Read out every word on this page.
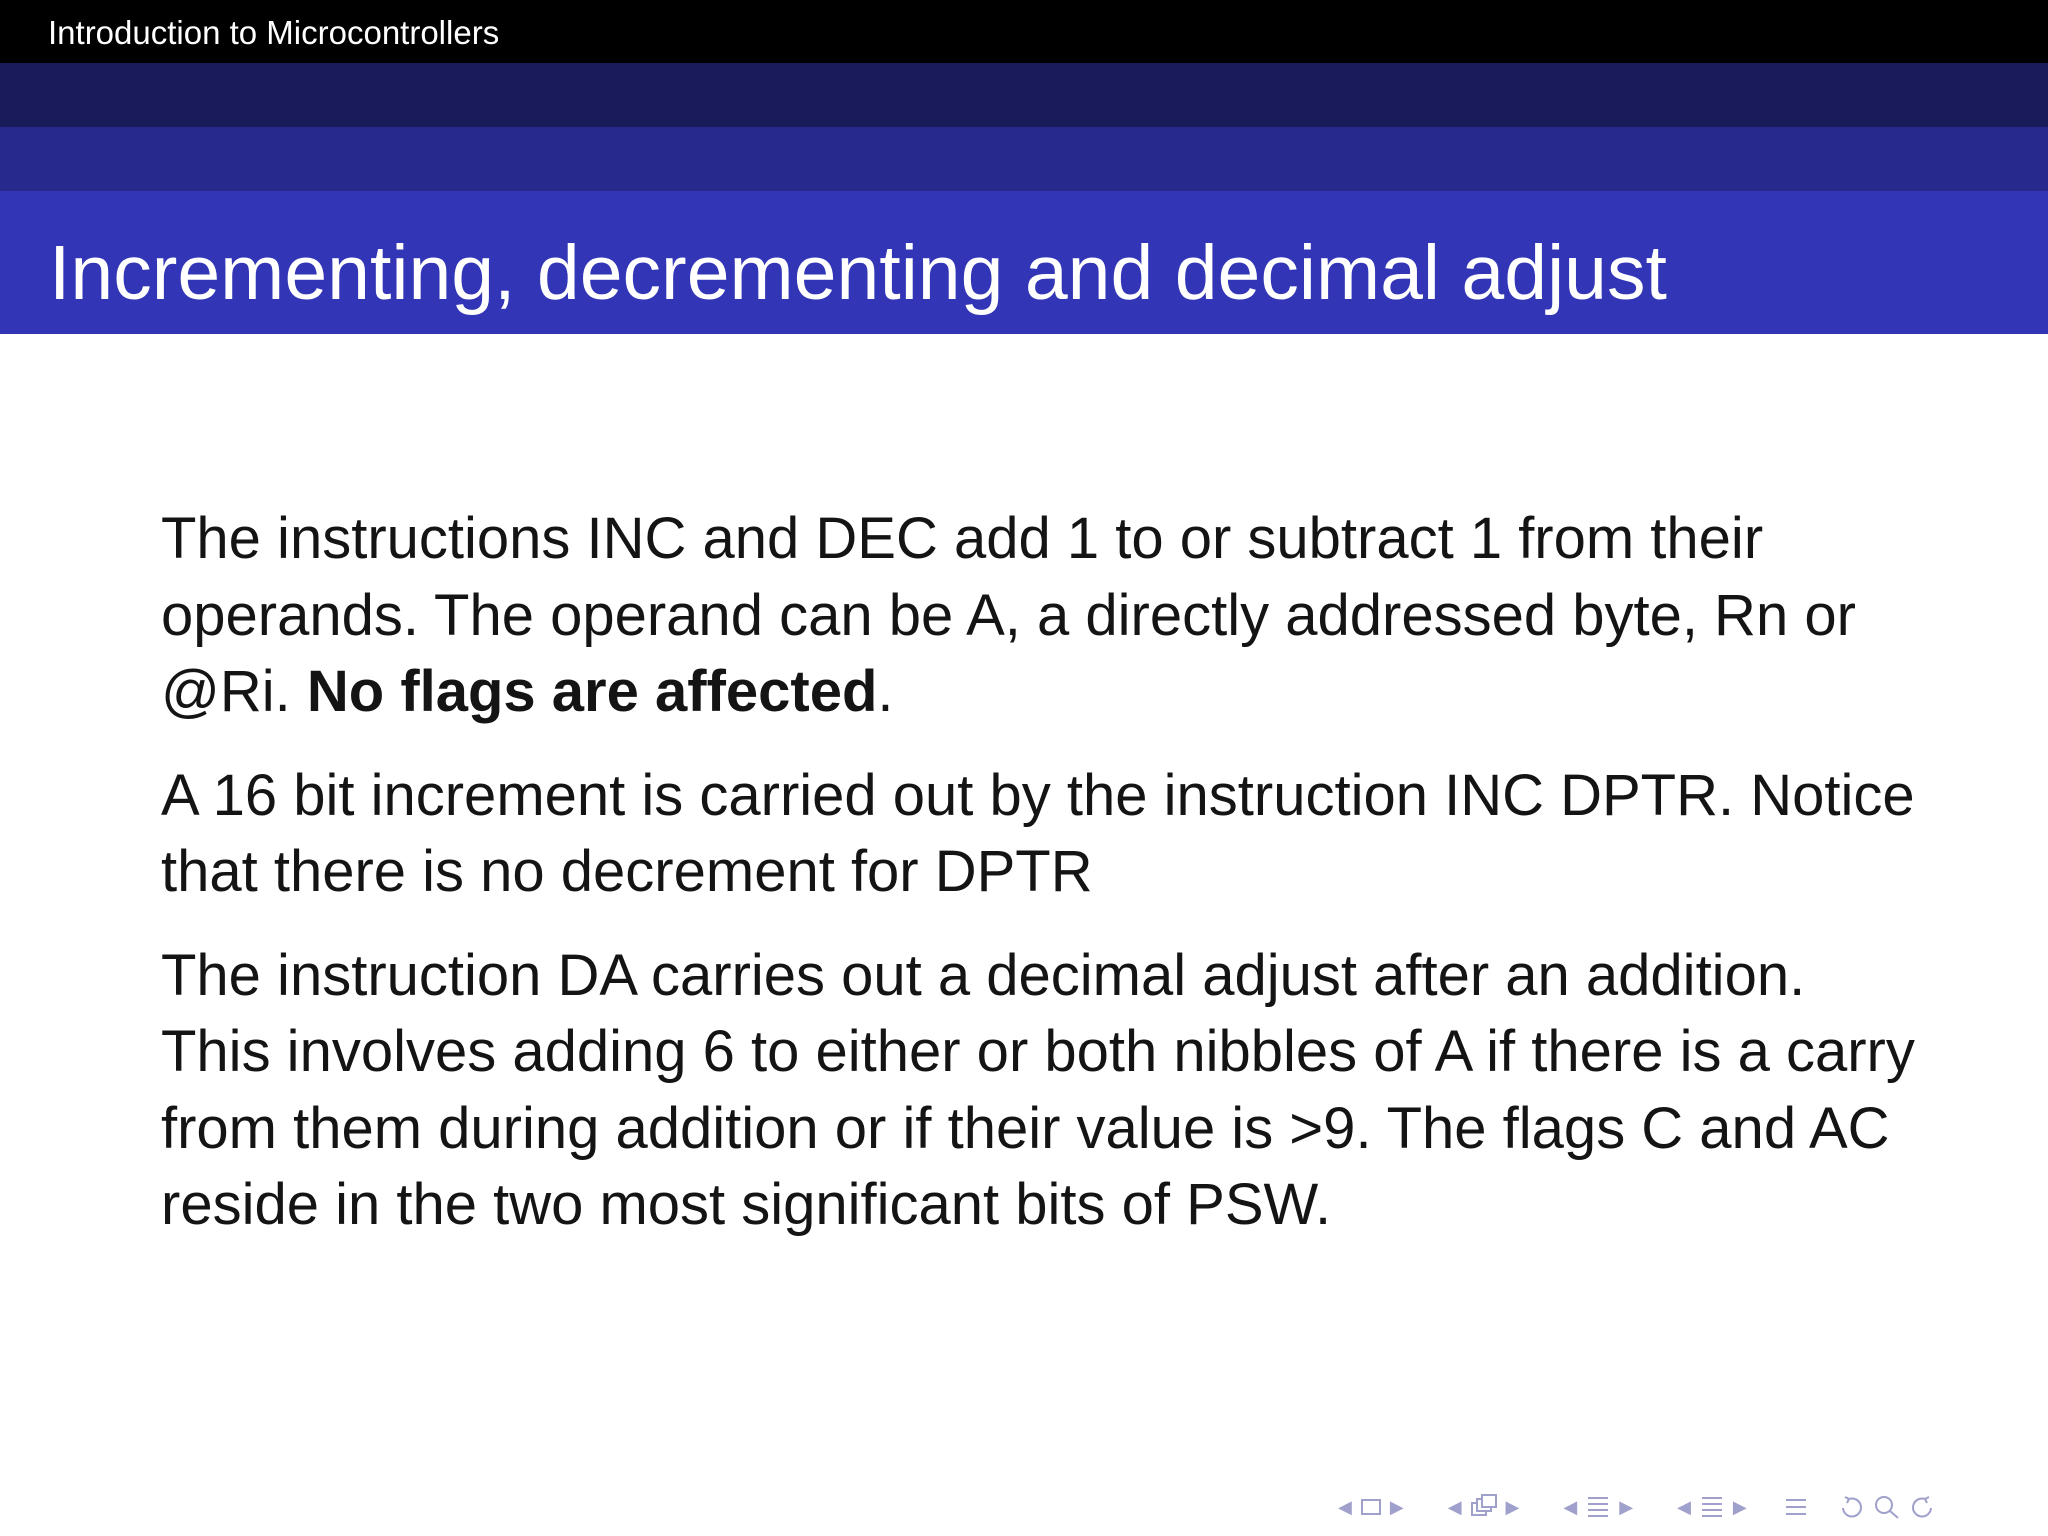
Introduction to Microcontrollers
Incrementing, decrementing and decimal adjust

The instructions INC and DEC add 1 to or subtract 1 from their operands. The operand can be A, a directly addressed byte, Rn or @Ri. No flags are affected.

A 16 bit increment is carried out by the instruction INC DPTR. Notice that there is no decrement for DPTR

The instruction DA carries out a decimal adjust after an addition. This involves adding 6 to either or both nibbles of A if there is a carry from them during addition or if their value is >9. The flags C and AC reside in the two most significant bits of PSW.

◀ ▶ ◀ ▶ ◀ ▶ ◀ ▶
